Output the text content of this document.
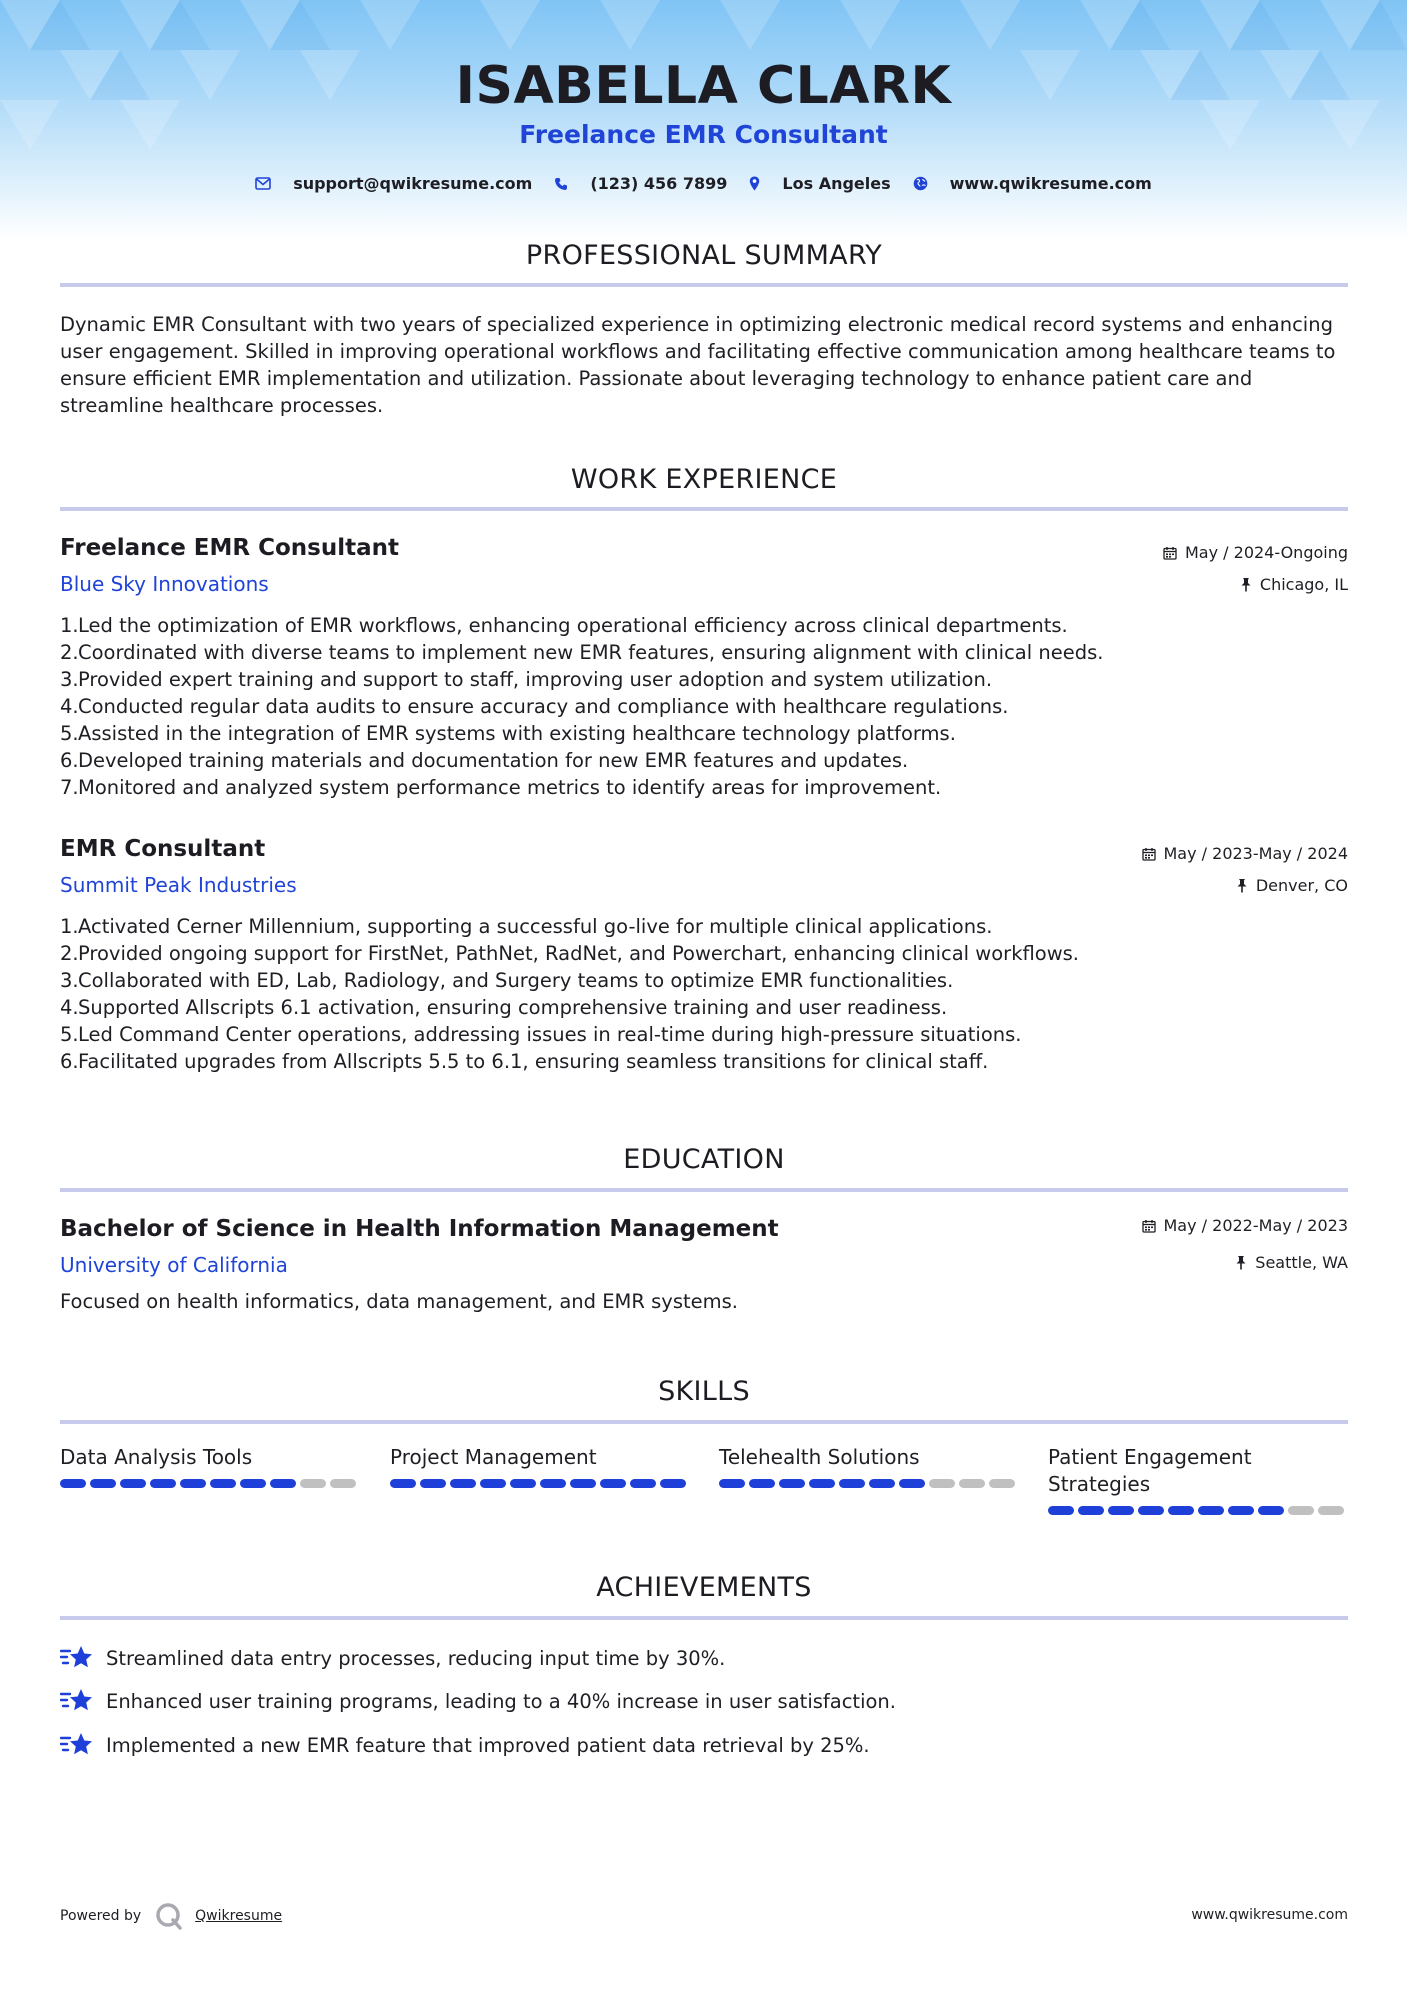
ISABELLA CLARK
Freelance EMR Consultant
support@qwikresume.com	(123) 456 7899	Los Angeles	www.qwikresume.com
PROFESSIONAL SUMMARY
Dynamic EMR Consultant with two years of specialized experience in optimizing electronic medical record systems and enhancing
user engagement. Skilled in improving operational workflows and facilitating effective communication among healthcare teams to
ensure efficient EMR implementation and utilization. Passionate about leveraging technology to enhance patient care and
streamline healthcare processes.
WORK EXPERIENCE
Freelance EMR Consultant
Blue Sky Innovations
May / 2024-Ongoing
Chicago, IL
1. Led the optimization of EMR workflows, enhancing operational efficiency across clinical departments.
2. Coordinated with diverse teams to implement new EMR features, ensuring alignment with clinical needs.
3. Provided expert training and support to staff, improving user adoption and system utilization.
4. Conducted regular data audits to ensure accuracy and compliance with healthcare regulations.
5. Assisted in the integration of EMR systems with existing healthcare technology platforms.
6. Developed training materials and documentation for new EMR features and updates.
7. Monitored and analyzed system performance metrics to identify areas for improvement.
EMR Consultant
Summit Peak Industries
May / 2023-May / 2024
Denver, CO
1. Activated Cerner Millennium, supporting a successful go-live for multiple clinical applications.
2. Provided ongoing support for FirstNet, PathNet, RadNet, and Powerchart, enhancing clinical workflows.
3. Collaborated with ED, Lab, Radiology, and Surgery teams to optimize EMR functionalities.
4. Supported Allscripts 6.1 activation, ensuring comprehensive training and user readiness.
5. Led Command Center operations, addressing issues in real-time during high-pressure situations.
6. Facilitated upgrades from Allscripts 5.5 to 6.1, ensuring seamless transitions for clinical staff.
EDUCATION
Bachelor of Science in Health Information Management
University of California
May / 2022-May / 2023
Seattle, WA
Focused on health informatics, data management, and EMR systems.
SKILLS
Data Analysis Tools	Project Management	Telehealth Solutions	Patient Engagement
Strategies
ACHIEVEMENTS
Streamlined data entry processes, reducing input time by 30%.
Enhanced user training programs, leading to a 40% increase in user satisfaction.
Implemented a new EMR feature that improved patient data retrieval by 25%.
Powered by	Qwikresume	www.qwikresume.com
